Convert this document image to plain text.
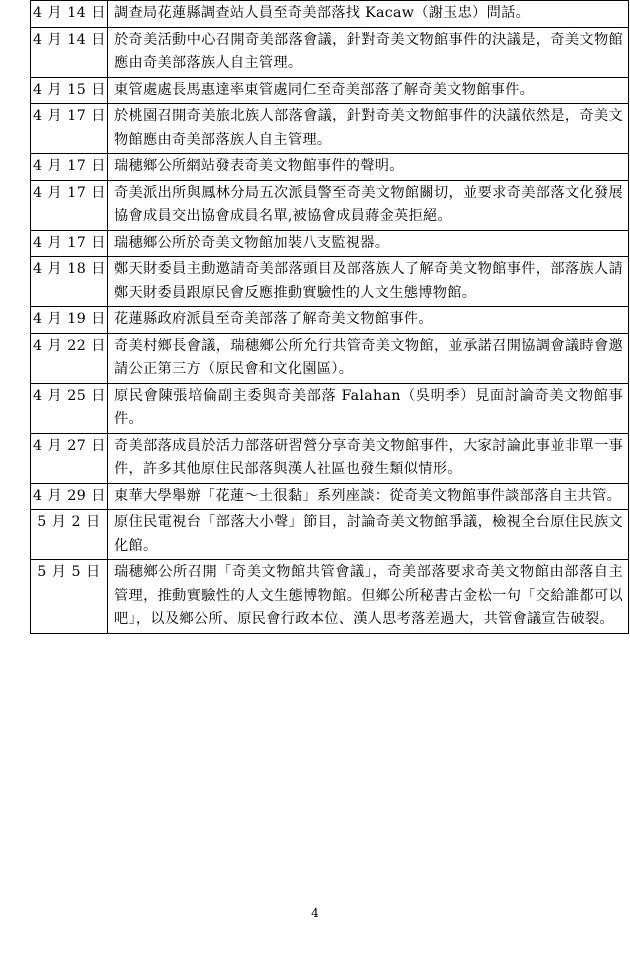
4 月 14 日	調查局花蓮縣調查站人員至奇美部落找 Kacaw（謝玉忠）問話。
4 月 14 日	於奇美活動中心召開奇美部落會議，針對奇美文物館事件的決議是，奇美文物館應由奇美部落族人自主管理。
4 月 15 日	東管處處長馬惠達率東管處同仁至奇美部落了解奇美文物館事件。
4 月 17 日	於桃園召開奇美旅北族人部落會議，針對奇美文物館事件的決議依然是，奇美文物館應由奇美部落族人自主管理。
4 月 17 日	瑞穗鄉公所網站發表奇美文物館事件的聲明。
4 月 17 日	奇美派出所與鳳林分局五次派員警至奇美文物館關切，並要求奇美部落文化發展協會成員交出協會成員名單,被協會成員蔣金英拒絕。
4 月 17 日	瑞穗鄉公所於奇美文物館加裝八支監視器。
4 月 18 日	鄭天財委員主動邀請奇美部落頭目及部落族人了解奇美文物館事件，部落族人請鄭天財委員跟原民會反應推動實驗性的人文生態博物館。
4 月 19 日	花蓮縣政府派員至奇美部落了解奇美文物館事件。
4 月 22 日	奇美村鄉長會議，瑞穗鄉公所允行共管奇美文物館，並承諾召開協調會議時會邀請公正第三方（原民會和文化園區）。
4 月 25 日	原民會陳張培倫副主委與奇美部落 Falahan（吳明季）見面討論奇美文物館事件。
4 月 27 日	奇美部落成員於活力部落研習營分享奇美文物館事件，大家討論此事並非單一事件，許多其他原住民部落與漢人社區也發生類似情形。
4 月 29 日	東華大學舉辦「花蓮～土很黏」系列座談：從奇美文物館事件談部落自主共管。
5 月 2 日	原住民電視台「部落大小聲」節目，討論奇美文物館爭議，檢視全台原住民族文化館。
5 月 5 日	瑞穗鄉公所召開「奇美文物館共管會議」，奇美部落要求奇美文物館由部落自主管理，推動實驗性的人文生態博物館。但鄉公所秘書古金松一句「交給誰都可以吧」，以及鄉公所、原民會行政本位、漢人思考落差過大，共管會議宣告破裂。
4
